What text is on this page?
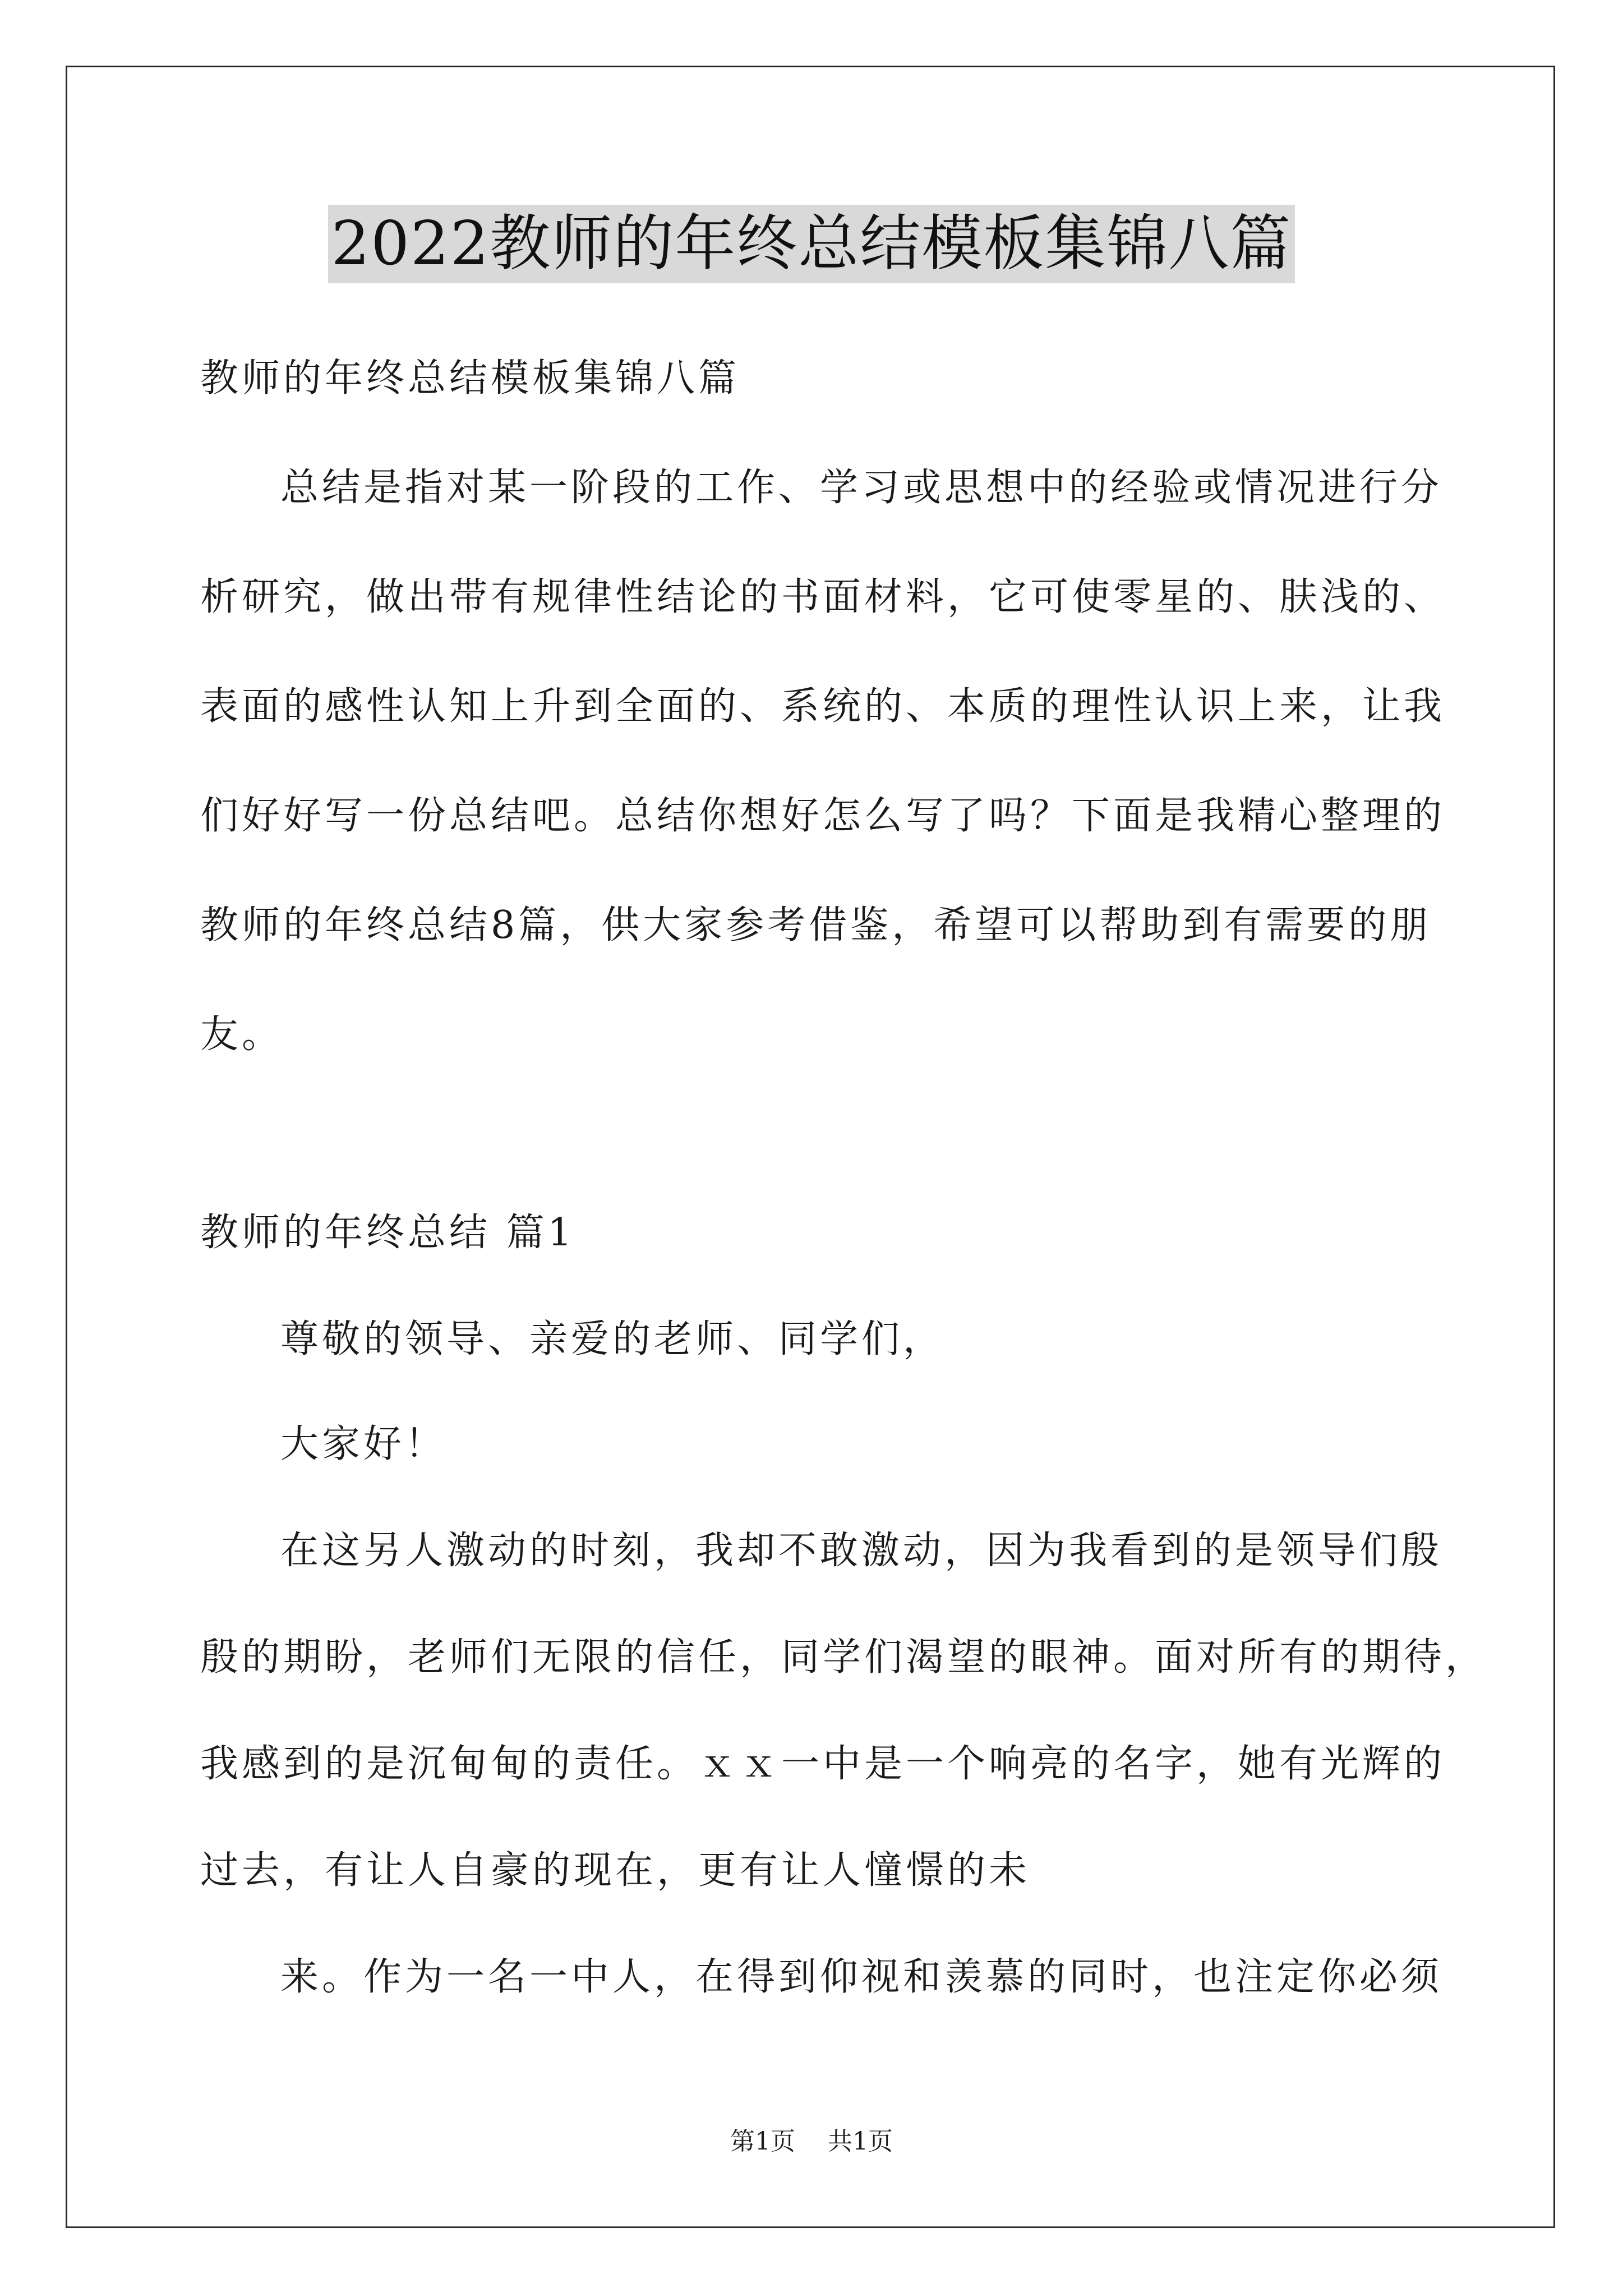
2022教师的年终总结模板集锦八篇
教师的年终总结模板集锦八篇
总结是指对某一阶段的工作、学习或思想中的经验或情况进行分
析研究，做出带有规律性结论的书面材料，它可使零星的、肤浅的、
表面的感性认知上升到全面的、系统的、本质的理性认识上来，让我
们好好写一份总结吧。总结你想好怎么写了吗？下面是我精心整理的
教师的年终总结8篇，供大家参考借鉴，希望可以帮助到有需要的朋
友。
教师的年终总结 篇1
尊敬的领导、亲爱的老师、同学们，
大家好！
在这另人激动的时刻，我却不敢激动，因为我看到的是领导们殷
殷的期盼，老师们无限的信任，同学们渴望的眼神。面对所有的期待，
我感到的是沉甸甸的责任。ｘｘ一中是一个响亮的名字，她有光辉的
过去，有让人自豪的现在，更有让人憧憬的未
来。作为一名一中人，在得到仰视和羡慕的同时，也注定你必须
第1页 共1页
